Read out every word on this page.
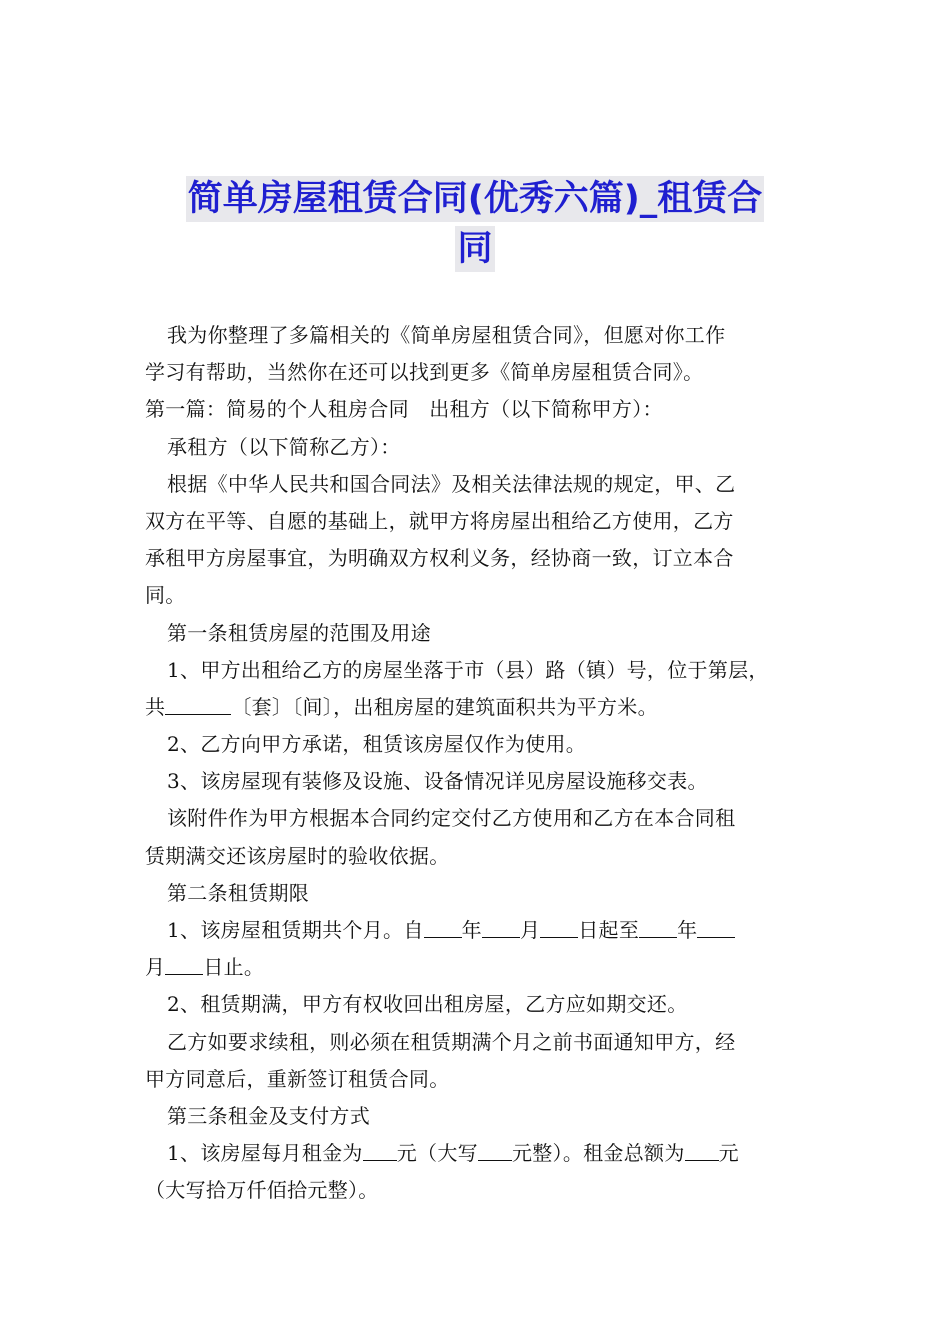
简单房屋租赁合同(优秀六篇)_租赁合
同
我为你整理了多篇相关的《简单房屋租赁合同》，但愿对你工作
学习有帮助，当然你在还可以找到更多《简单房屋租赁合同》。
第一篇：简易的个人租房合同　出租方（以下简称甲方）：
承租方（以下简称乙方）：
根据《中华人民共和国合同法》及相关法律法规的规定，甲、乙
双方在平等、自愿的基础上，就甲方将房屋出租给乙方使用，乙方
承租甲方房屋事宜，为明确双方权利义务，经协商一致，订立本合
同。
第一条租赁房屋的范围及用途
1、甲方出租给乙方的房屋坐落于市（县）路（镇）号，位于第层，
共	〔套〕〔间〕，出租房屋的建筑面积共为平方米。
2、乙方向甲方承诺，租赁该房屋仅作为使用。
3、该房屋现有装修及设施、设备情况详见房屋设施移交表。
该附件作为甲方根据本合同约定交付乙方使用和乙方在本合同租
赁期满交还该房屋时的验收依据。
第二条租赁期限
1、该房屋租赁期共个月。自 年 月 日起至 年
月 日止。
2、租赁期满，甲方有权收回出租房屋，乙方应如期交还。
乙方如要求续租，则必须在租赁期满个月之前书面通知甲方，经
甲方同意后，重新签订租赁合同。
第三条租金及支付方式
1、该房屋每月租金为 元（大写 元整）。租金总额为 元
（大写拾万仟佰拾元整）。
